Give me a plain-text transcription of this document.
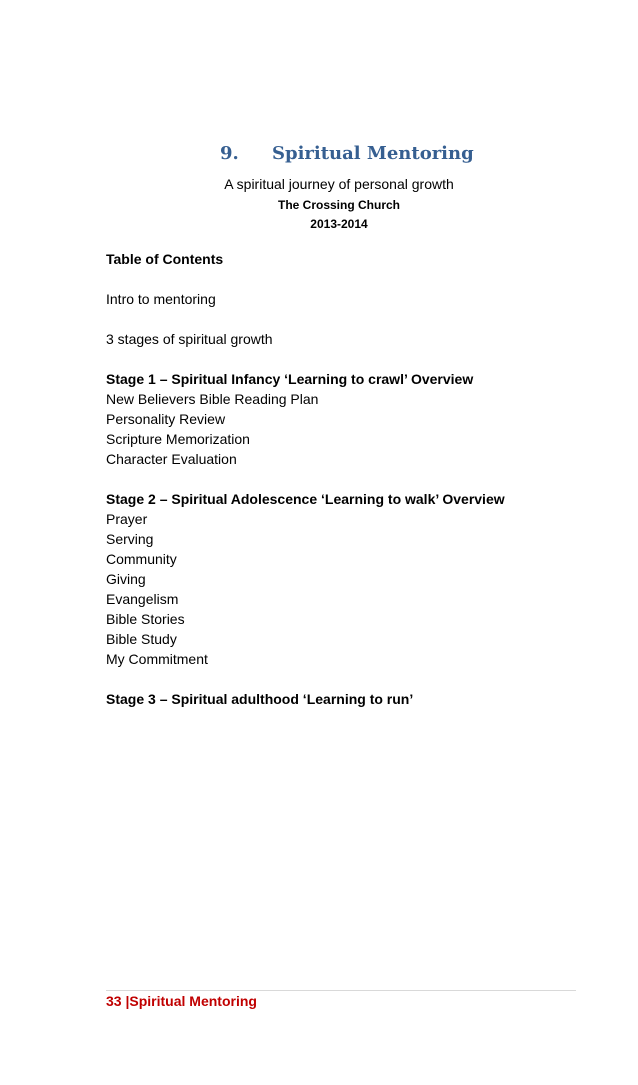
9. Spiritual Mentoring
A spiritual journey of personal growth
The Crossing Church
2013-2014
Table of Contents
Intro to mentoring
3 stages of spiritual growth
Stage 1 – Spiritual Infancy ‘Learning to crawl’ Overview
New Believers Bible Reading Plan
Personality Review
Scripture Memorization
Character Evaluation
Stage 2 – Spiritual Adolescence ‘Learning to walk’ Overview
Prayer
Serving
Community
Giving
Evangelism
Bible Stories
Bible Study
My Commitment
Stage 3 – Spiritual adulthood ‘Learning to run’
33 |Spiritual Mentoring
